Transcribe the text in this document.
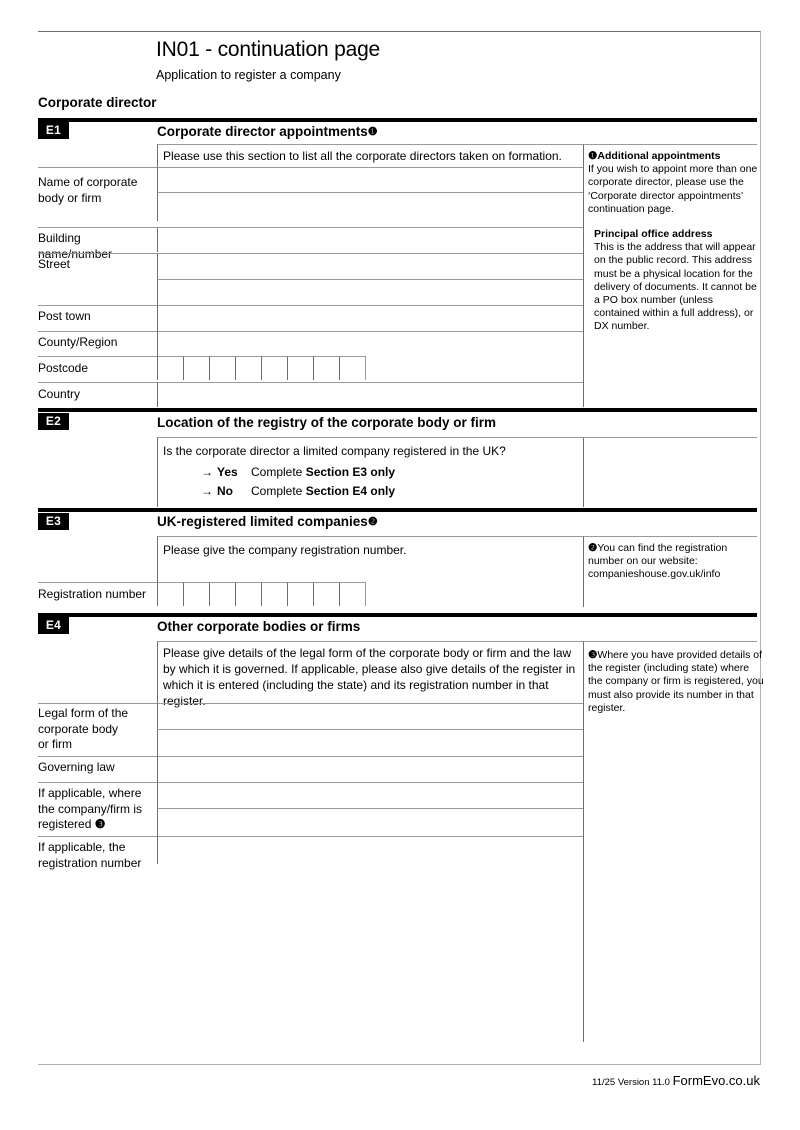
IN01 - continuation page
Application to register a company
Corporate director
E1	Corporate director appointments❶
Please use this section to list all the corporate directors taken on formation.
Name of corporate
body or firm
Building name/number
Street
Post town
County/Region
Postcode
Country
❶Additional appointments
If you wish to appoint more than one corporate director, please use the ‘Corporate director appointments’ continuation page.
Principal office address
This is the address that will appear on the public record. This address must be a physical location for the delivery of documents. It cannot be a PO box number (unless contained within a full address), or DX number.
E2	Location of the registry of the corporate body or firm
Is the corporate director a limited company registered in the UK?
→ Yes Complete Section E3 only
→ No Complete Section E4 only
E3	UK-registered limited companies❷
Please give the company registration number.
Registration number
❷You can find the registration number on our website: companieshouse.gov.uk/info
E4	Other corporate bodies or firms
Please give details of the legal form of the corporate body or firm and the law by which it is governed. If applicable, please also give details of the register in which it is entered (including the state) and its registration number in that register.
Legal form of the
corporate body
or firm
Governing law
If applicable, where
the company/firm is
registered ❸
If applicable, the
registration number
❸Where you have provided details of the register (including state) where the company or firm is registered, you must also provide its number in that register.
11/25 Version 11.0 FormEvo.co.uk
